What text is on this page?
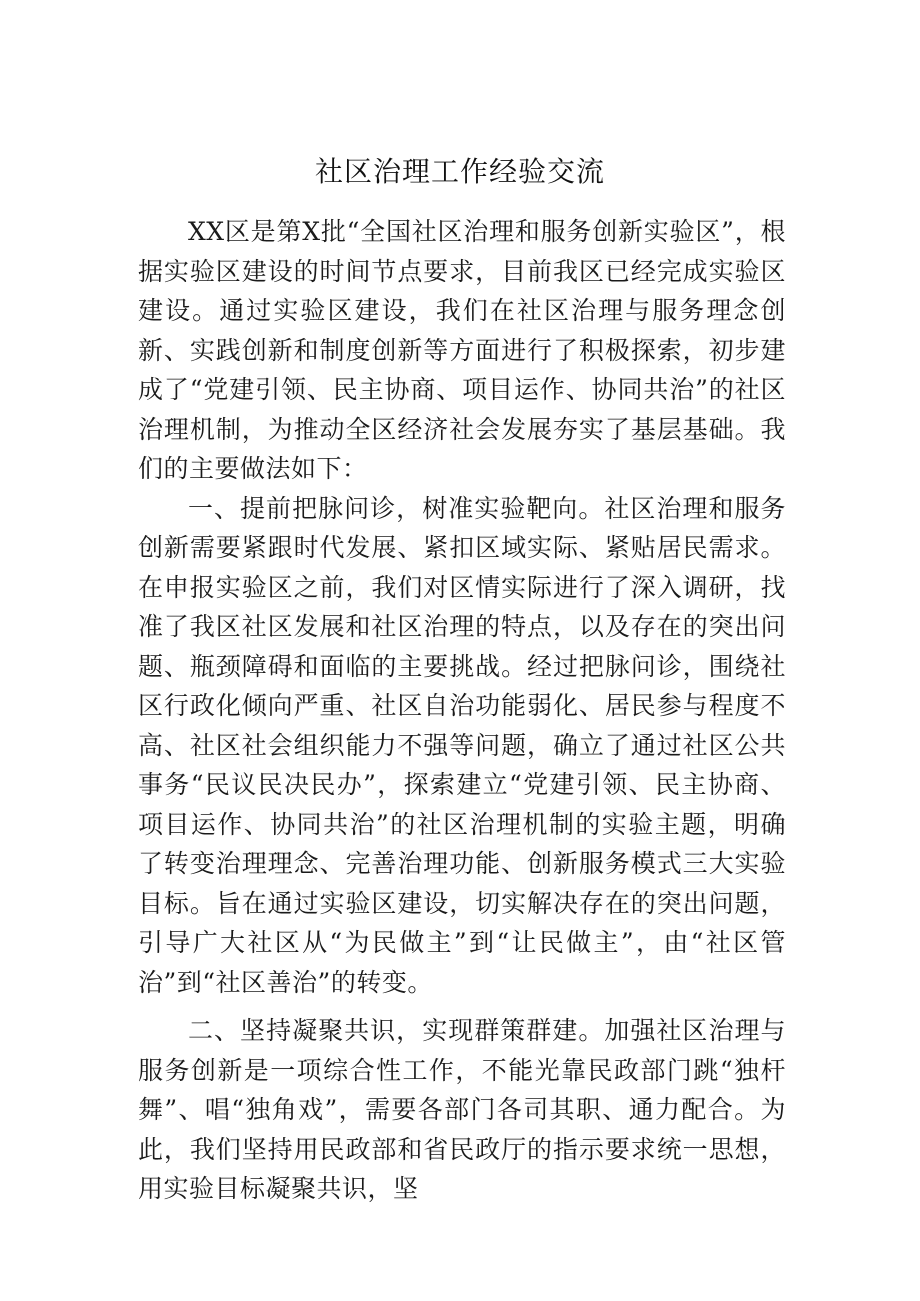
社区治理工作经验交流

XX区是第X批“全国社区治理和服务创新实验区”，根据实验区建设的时间节点要求，目前我区已经完成实验区建设。通过实验区建设，我们在社区治理与服务理念创新、实践创新和制度创新等方面进行了积极探索，初步建成了“党建引领、民主协商、项目运作、协同共治”的社区治理机制，为推动全区经济社会发展夯实了基层基础。我们的主要做法如下：

一、提前把脉问诊，树准实验靶向。社区治理和服务创新需要紧跟时代发展、紧扣区域实际、紧贴居民需求。在申报实验区之前，我们对区情实际进行了深入调研，找准了我区社区发展和社区治理的特点，以及存在的突出问题、瓶颈障碍和面临的主要挑战。经过把脉问诊，围绕社区行政化倾向严重、社区自治功能弱化、居民参与程度不高、社区社会组织能力不强等问题，确立了通过社区公共事务“民议民决民办”，探索建立“党建引领、民主协商、项目运作、协同共治”的社区治理机制的实验主题，明确了转变治理理念、完善治理功能、创新服务模式三大实验目标。旨在通过实验区建设，切实解决存在的突出问题，引导广大社区从“为民做主”到“让民做主”，由“社区管治”到“社区善治”的转变。

二、坚持凝聚共识，实现群策群建。加强社区治理与服务创新是一项综合性工作，不能光靠民政部门跳“独杆舞”、唱“独角戏”，需要各部门各司其职、通力配合。为此，我们坚持用民政部和省民政厅的指示要求统一思想，用实验目标凝聚共识，坚
